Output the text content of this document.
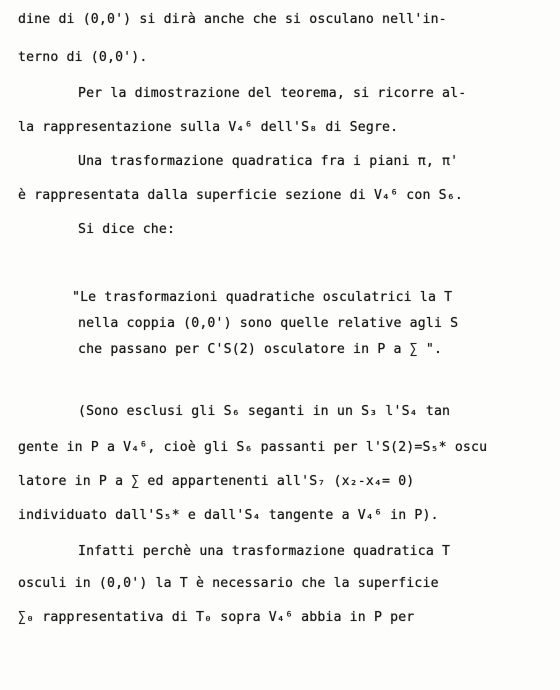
dine di (0,0') si dirà anche che si osculano nell'in-
terno di (0,0').
Per la dimostrazione del teorema, si ricorre al-
la rappresentazione sulla V₄⁶ dell'S₈ di Segre.
Una trasformazione quadratica fra i piani π, π'
è rappresentata dalla superficie sezione di V₄⁶ con S₆.
Si dice che:
"Le trasformazioni quadratiche osculatrici la T
nella coppia (0,0') sono quelle relative agli S
che passano per C'S(2) osculatore in P a ∑ ".
(Sono esclusi gli S₆ seganti in un S₃ l'S₄ tan
gente in P a V₄⁶, cioè gli S₆ passanti per l'S(2)=S₅* oscu
latore in P a ∑ ed appartenenti all'S₇ (x₂-x₄= 0)
individuato dall'S₅* e dall'S₄ tangente a V₄⁶ in P).
Infatti perchè una trasformazione quadratica T
osculi in (0,0') la T è necessario che la superficie
∑₀ rappresentativa di T₀ sopra V₄⁶ abbia in P per
